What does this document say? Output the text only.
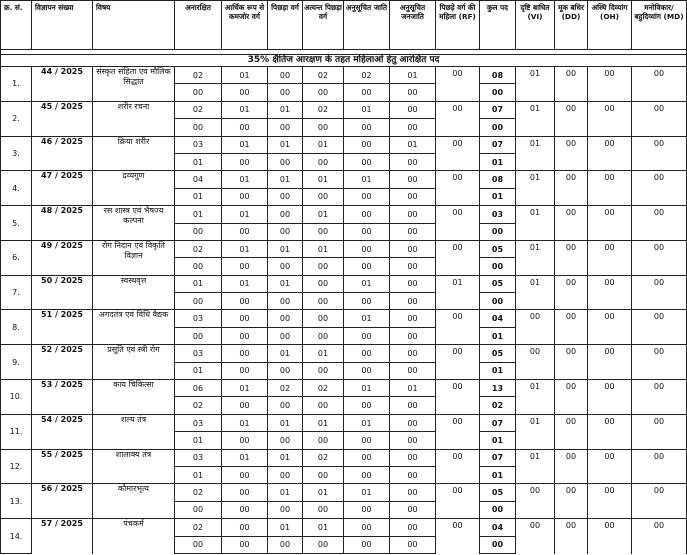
क्र. सं.	विज्ञापन संख्या	विषय	अनारक्षित	आर्थिक रूप से कमजोर वर्ग	पिछड़ा वर्ग	अत्यन्त पिछड़ा वर्ग	अनुसूचित जाति	अनुसूचित जनजाति	पिछड़े वर्ग की महिला (RF)	कुल पद	दृष्टि बाधित (VI)	मूक बधिर (DD)	अस्थि दिव्यांग (OH)	मनोविकार/ बहुदिव्यांग (MD)

35% क्षैतिज आरक्षण के तहत महिलाओं हेतु आरक्षित पद														
1.	44 / 2025	संस्कृत संहिता एवं मौलिक सिद्धांत	02	01	00	02	02	01	00	08	01	00	00	00
			00	00	00	00	00	00		00				
2.	45 / 2025	शरीर रचना	02	01	01	02	01	00	00	07	01	00	00	00
			00	00	00	00	00	00		00				
3.	46 / 2025	क्रिया शरीर	03	01	01	01	00	01	00	07	01	00	00	00
			01	00	00	00	00	00		01				
4.	47 / 2025	द्रव्यगुण	04	01	01	01	01	00	00	08	01	00	00	00
			01	00	00	00	00	00		01				
5.	48 / 2025	रस शास्त्र एवं भैषज्य कल्पना	01	01	00	01	00	00	00	03	01	00	00	00
			00	00	00	00	00	00		00				
6.	49 / 2025	रोग निदान एवं विकृति विज्ञान	02	01	01	01	00	00	00	05	01	00	00	00
			00	00	00	00	00	00		00				
7.	50 / 2025	स्वस्थवृत्त	01	01	01	00	01	00	01	05	01	00	00	00
			00	00	00	00	00	00		00				
8.	51 / 2025	अगदतंत्र एवं विधि वैद्यक	03	00	00	00	01	00	00	04	00	00	00	00
			00	00	00	00	00	00		01				
9.	52 / 2025	प्रसूति एवं स्त्री रोग	03	00	01	01	00	00	00	05	00	00	00	00
			01	00	00	00	00	00		01				
10.	53 / 2025	काय चिकित्सा	06	01	02	02	01	01	00	13	01	00	00	00
			02	00	00	00	00	00		02				
11.	54 / 2025	शल्य तंत्र	03	01	01	01	01	00	00	07	01	00	00	00
			01	00	00	00	00	00		01				
12.	55 / 2025	शालाक्य तंत्र	03	01	01	02	00	00	00	07	01	00	00	00
			01	00	00	00	00	00		01				
13.	56 / 2025	कौमारभृत्य	02	00	01	01	01	00	00	05	00	00	00	00
			00	00	00	00	00	00		00				
14.	57 / 2025	पंचकर्म	02	00	01	01	00	00	00	04	00	00	00	00
			00	00	00	00	00	00		00				
